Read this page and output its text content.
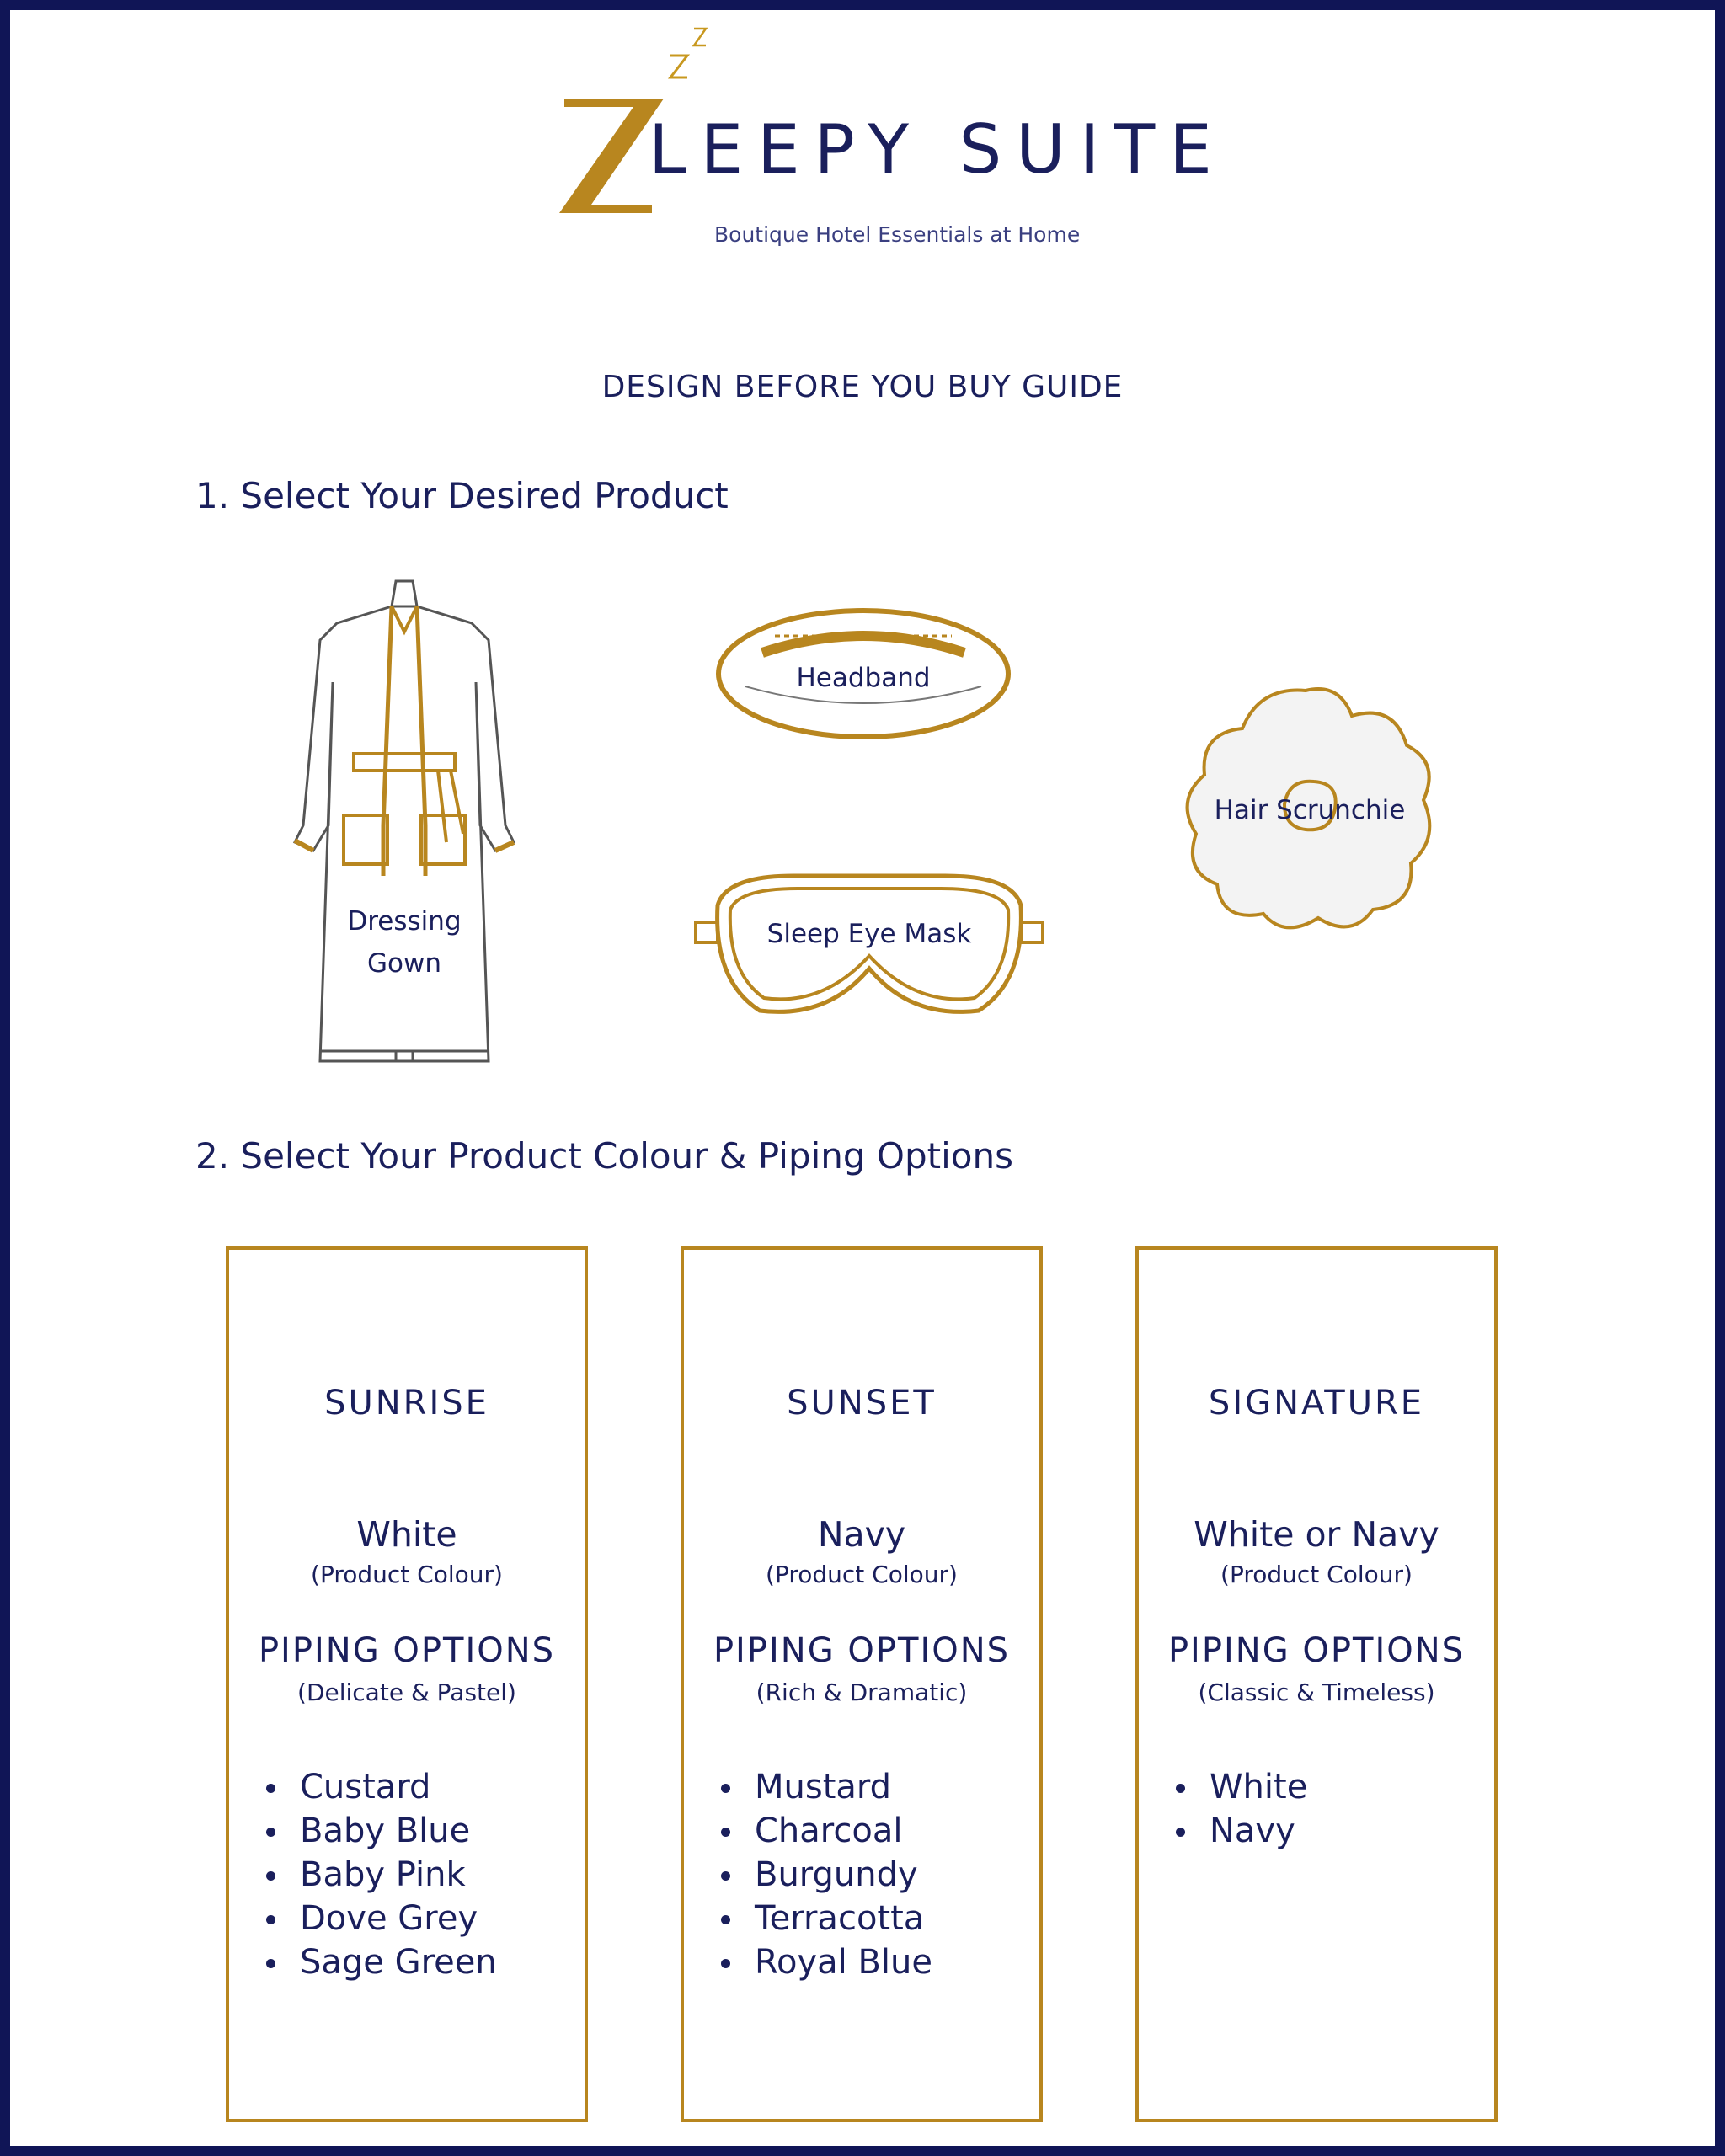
LEEPY SUITE
Boutique Hotel Essentials at Home
DESIGN BEFORE YOU BUY GUIDE
1. Select Your Desired Product
Dressing
Gown
Headband
Sleep Eye Mask
Hair Scrunchie
2. Select Your Product Colour & Piping Options
SUNRISE
White
(Product Colour)
PIPING OPTIONS
(Delicate & Pastel)
Custard
Baby Blue
Baby Pink
Dove Grey
Sage Green
SUNSET
Navy
(Product Colour)
PIPING OPTIONS
(Rich & Dramatic)
Mustard
Charcoal
Burgundy
Terracotta
Royal Blue
SIGNATURE
White or Navy
(Product Colour)
PIPING OPTIONS
(Classic & Timeless)
White
Navy
